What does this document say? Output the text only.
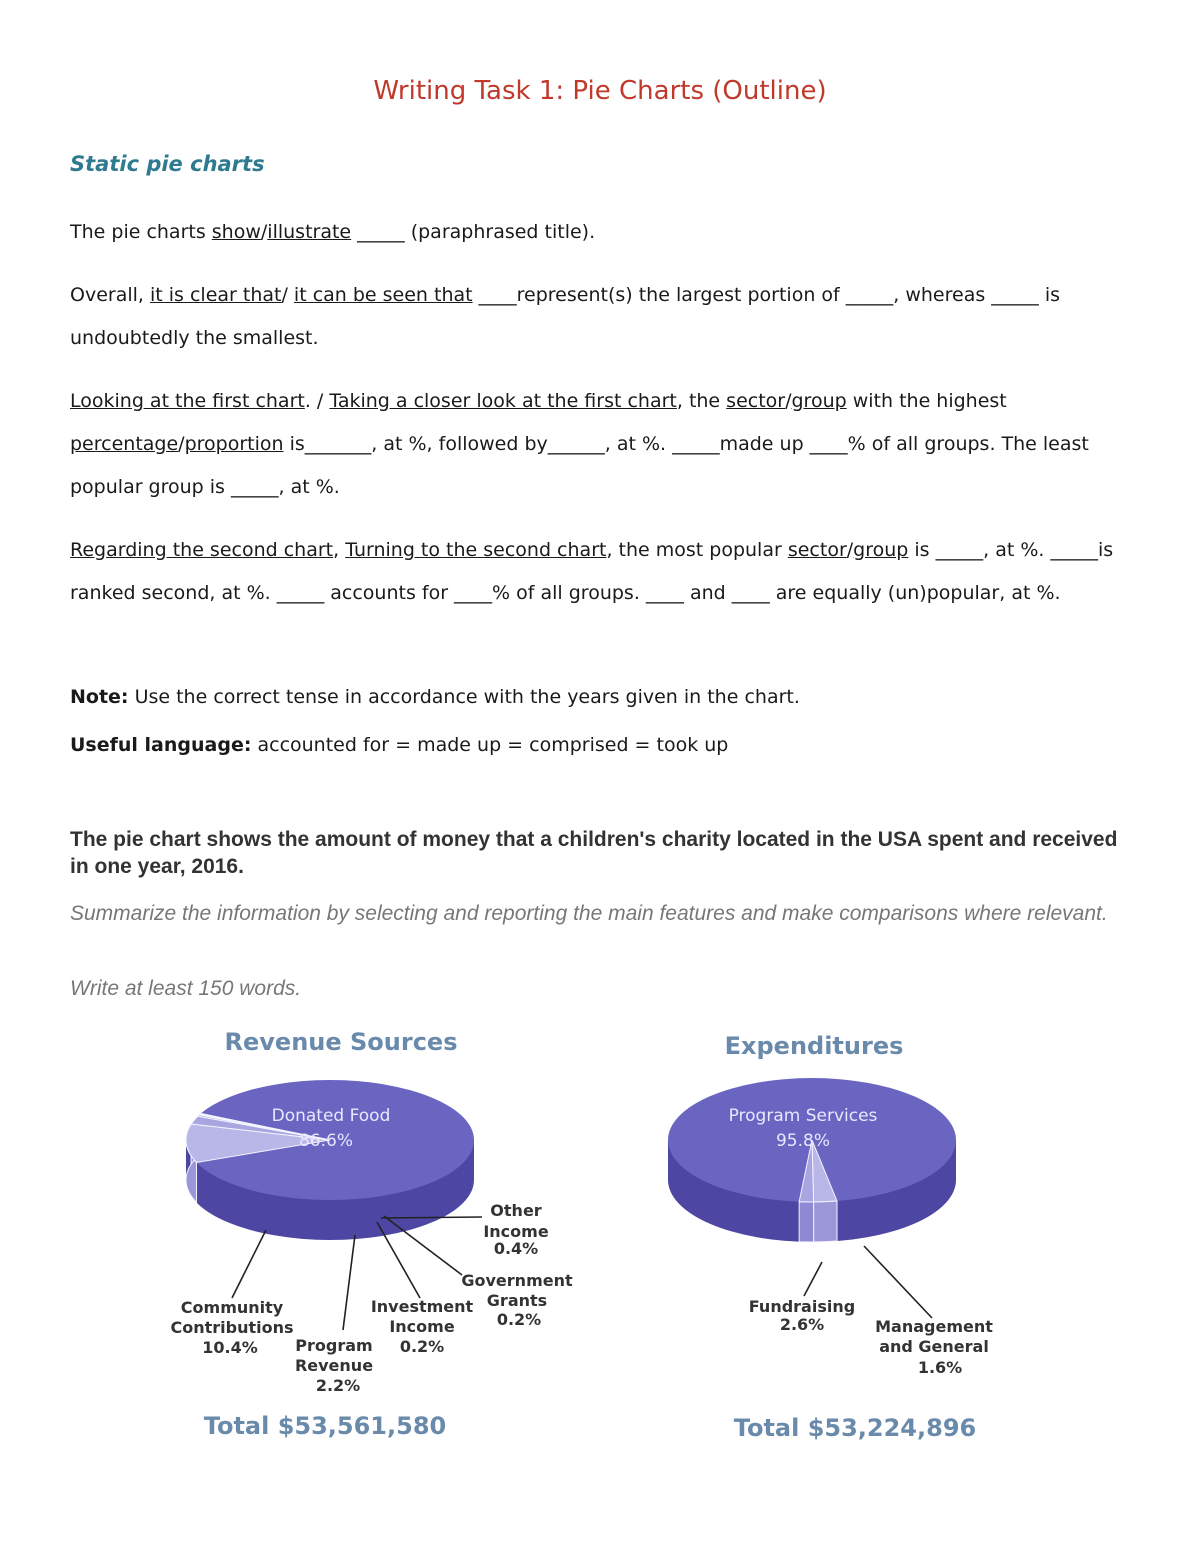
Writing Task 1: Pie Charts (Outline)
Static pie charts
The pie charts show/illustrate _____ (paraphrased title).
Overall, it is clear that/ it can be seen that ____represent(s) the largest portion of _____, whereas _____ is undoubtedly the smallest.
Looking at the first chart. / Taking a closer look at the first chart, the sector/group with the highest percentage/proportion is_______, at %, followed by______, at %. _____made up ____% of all groups. The least popular group is _____, at %.
Regarding the second chart, Turning to the second chart, the most popular sector/group is _____, at %. _____is ranked second, at %. _____ accounts for ____% of all groups. ____ and ____ are equally (un)popular, at %.
Note: Use the correct tense in accordance with the years given in the chart.
Useful language: accounted for = made up = comprised = took up
The pie chart shows the amount of money that a children's charity located in the USA spent and received in one year, 2016.
Summarize the information by selecting and reporting the main features and make comparisons where relevant.
Write at least 150 words.
Revenue Sources
Donated Food
86.6%
Community
Contributions
10.4% Program
Revenue
2.2%
Investment
Income
0.2%
Other
Income
0.4%
Government
Grants
0.2%
Total $53,561,580
Expenditures
Program Services
95.8%
Fundraising
2.6%	Management
and General
1.6%
Total $53,224,896
